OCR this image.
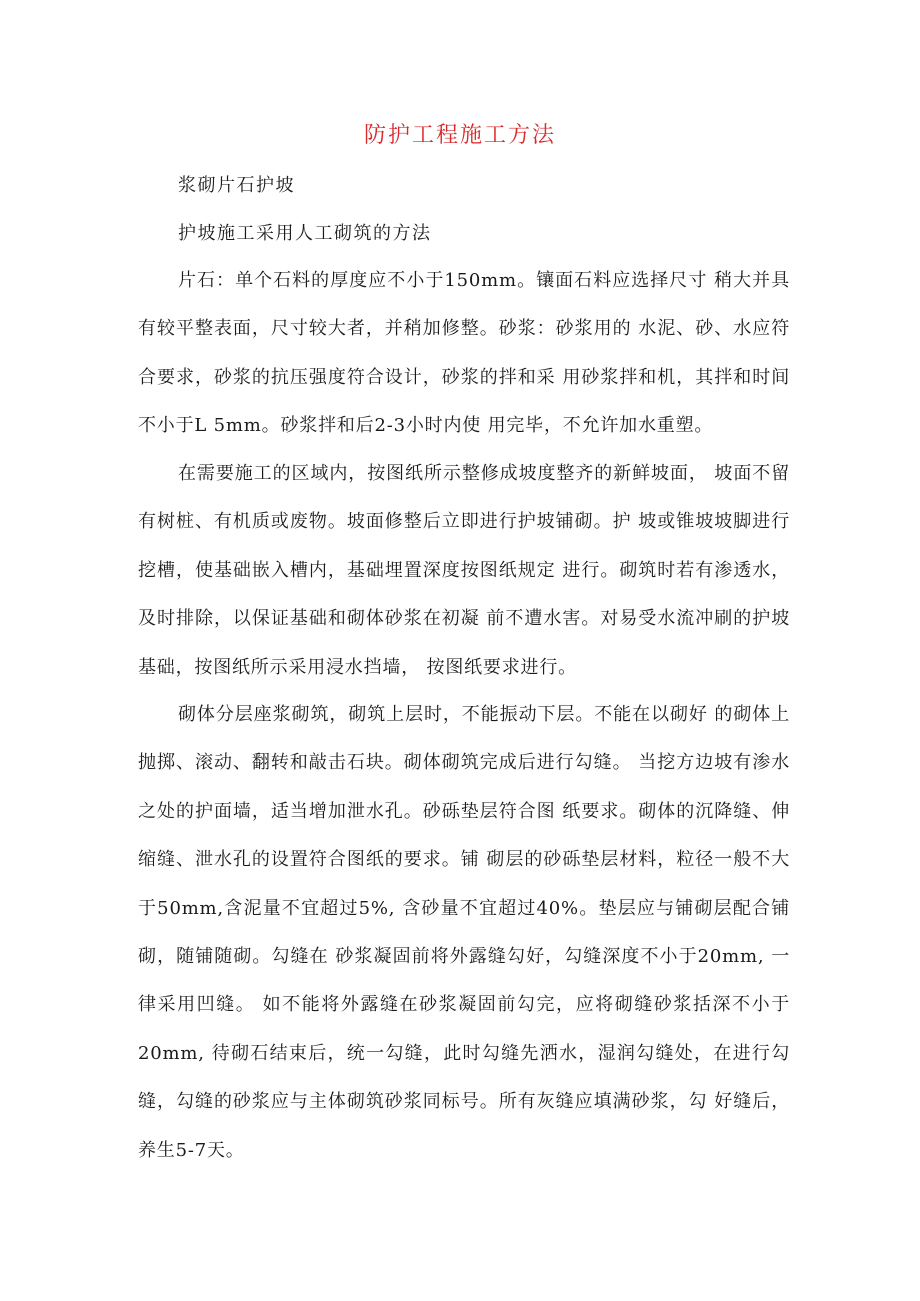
防护工程施工方法

浆砌片石护坡

护坡施工采用人工砌筑的方法

片石：单个石料的厚度应不小于150mm。镶面石料应选择尺寸 稍大并具有较平整表面，尺寸较大者，并稍加修整。砂浆：砂浆用的 水泥、砂、水应符合要求，砂浆的抗压强度符合设计，砂浆的拌和采 用砂浆拌和机，其拌和时间不小于L 5mm。砂浆拌和后2-3小时内使 用完毕，不允许加水重塑。

在需要施工的区域内，按图纸所示整修成坡度整齐的新鲜坡面， 坡面不留有树桩、有机质或废物。坡面修整后立即进行护坡铺砌。护 坡或锥坡坡脚进行挖槽，使基础嵌入槽内，基础埋置深度按图纸规定 进行。砌筑时若有渗透水，及时排除，以保证基础和砌体砂浆在初凝 前不遭水害。对易受水流冲刷的护坡基础，按图纸所示采用浸水挡墙， 按图纸要求进行。

砌体分层座浆砌筑，砌筑上层时，不能振动下层。不能在以砌好 的砌体上抛掷、滚动、翻转和敲击石块。砌体砌筑完成后进行勾缝。 当挖方边坡有渗水之处的护面墙，适当增加泄水孔。砂砾垫层符合图 纸要求。砌体的沉降缝、伸缩缝、泄水孔的设置符合图纸的要求。铺 砌层的砂砾垫层材料，粒径一般不大于50mm,含泥量不宜超过5%, 含砂量不宜超过40%。垫层应与铺砌层配合铺砌，随铺随砌。勾缝在 砂浆凝固前将外露缝勾好，勾缝深度不小于20mm, 一律采用凹缝。 如不能将外露缝在砂浆凝固前勾完，应将砌缝砂浆括深不小于20mm, 待砌石结束后，统一勾缝，此时勾缝先洒水，湿润勾缝处，在进行勾 缝，勾缝的砂浆应与主体砌筑砂浆同标号。所有灰缝应填满砂浆，勾 好缝后，养生5-7天。
